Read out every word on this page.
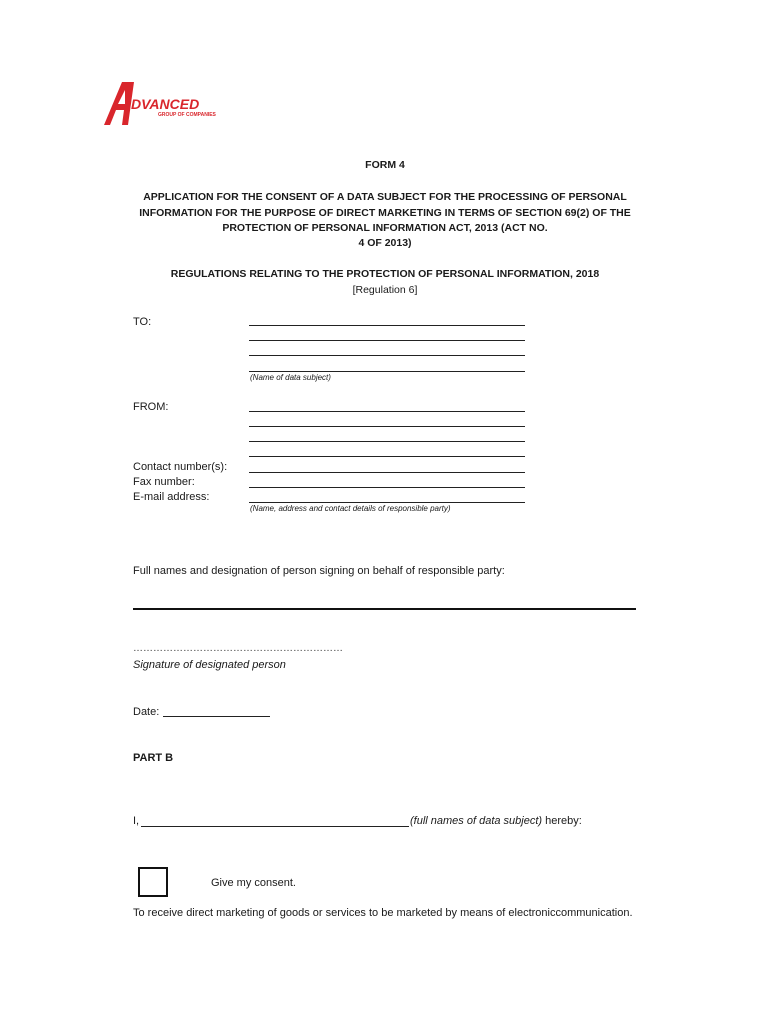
DVANCED
GROUP OF COMPANIES
FORM 4
APPLICATION FOR THE CONSENT OF A DATA SUBJECT FOR THE PROCESSING OF PERSONAL
INFORMATION FOR THE PURPOSE OF DIRECT MARKETING IN TERMS OF SECTION 69(2) OF THE
PROTECTION OF PERSONAL INFORMATION ACT, 2013 (ACT NO.
4 OF 2013)
REGULATIONS RELATING TO THE PROTECTION OF PERSONAL INFORMATION, 2018
[Regulation 6]
TO:
(Name of data subject)
FROM:
Contact number(s):
Fax number:
E-mail address:
(Name, address and contact details of responsible party)
Full names and designation of person signing on behalf of responsible party:
………………………………………………………
Signature of designated person
Date:
PART B
I,	(full names of data subject) hereby:
Give my consent.
To receive direct marketing of goods or services to be marketed by means of electroniccommunication.
